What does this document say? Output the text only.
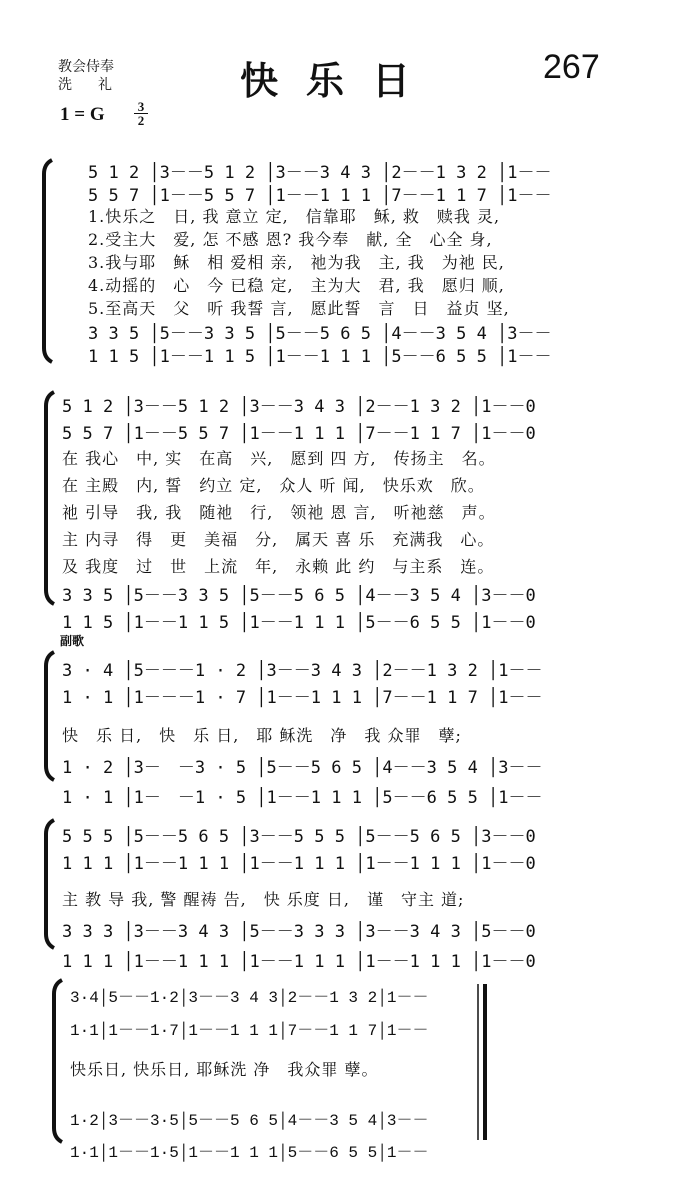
教会侍奉
洗　礼	快乐日	267
1 = G	3
2
副歌
5 1 2 │3－－5 1 2 │3－－3 4 3 │2－－1 3 2 │1－－
5 5 7 │1－－5 5 7 │1－－1 1 1 │7－－1 1 7 │1－－
1.快乐之　日, 我 意立 定,　信靠耶　稣, 救　赎我 灵,
2.受主大　爱, 怎 不感 恩? 我今奉　献, 全　心全 身,
3.我与耶　稣　相 爱相 亲,　祂为我　主, 我　为祂 民,
4.动摇的　心　今 已稳 定,　主为大　君, 我　愿归 顺,
5.至高天　父　听 我誓 言,　愿此誓　言　日　益贞 坚,
3 3 5 │5－－3 3 5 │5－－5 6 5 │4－－3 5 4 │3－－
1 1 5 │1－－1 1 5 │1－－1 1 1 │5－－6 5 5 │1－－
5 1 2 │3－－5 1 2 │3－－3 4 3 │2－－1 3 2 │1－－0
5 5 7 │1－－5 5 7 │1－－1 1 1 │7－－1 1 7 │1－－0
在 我心　中, 实　在高　兴,　愿到 四 方,　传扬主　名。
在 主殿　内, 誓　约立 定,　众人 听 闻,　快乐欢　欣。
祂 引导　我, 我　随祂　行,　领祂 恩 言,　听祂慈　声。
主 内寻　得　更　美福　分,　属天 喜 乐　充满我　心。
及 我度　过　世　上流　年,　永赖 此 约　与主系　连。
3 3 5 │5－－3 3 5 │5－－5 6 5 │4－－3 5 4 │3－－0
1 1 5 │1－－1 1 5 │1－－1 1 1 │5－－6 5 5 │1－－0
3 · 4 │5－－－1 · 2 │3－－3 4 3 │2－－1 3 2 │1－－
1 · 1 │1－－－1 · 7 │1－－1 1 1 │7－－1 1 7 │1－－
快　乐 日,　快　乐 日,　耶 稣洗　净　我 众罪　孽;
1 · 2 │3－　－3 · 5 │5－－5 6 5 │4－－3 5 4 │3－－
1 · 1 │1－　－1 · 5 │1－－1 1 1 │5－－6 5 5 │1－－
5 5 5 │5－－5 6 5 │3－－5 5 5 │5－－5 6 5 │3－－0
1 1 1 │1－－1 1 1 │1－－1 1 1 │1－－1 1 1 │1－－0
主 教 导 我, 警 醒祷 告,　快 乐度 日,　谨　守主 道;
3 3 3 │3－－3 4 3 │5－－3 3 3 │3－－3 4 3 │5－－0
1 1 1 │1－－1 1 1 │1－－1 1 1 │1－－1 1 1 │1－－0
3·4│5－－1·2│3－－3 4 3│2－－1 3 2│1－－
1·1│1－－1·7│1－－1 1 1│7－－1 1 7│1－－
快乐日, 快乐日, 耶稣洗 净　我众罪 孽。
1·2│3－－3·5│5－－5 6 5│4－－3 5 4│3－－
1·1│1－－1·5│1－－1 1 1│5－－6 5 5│1－－
